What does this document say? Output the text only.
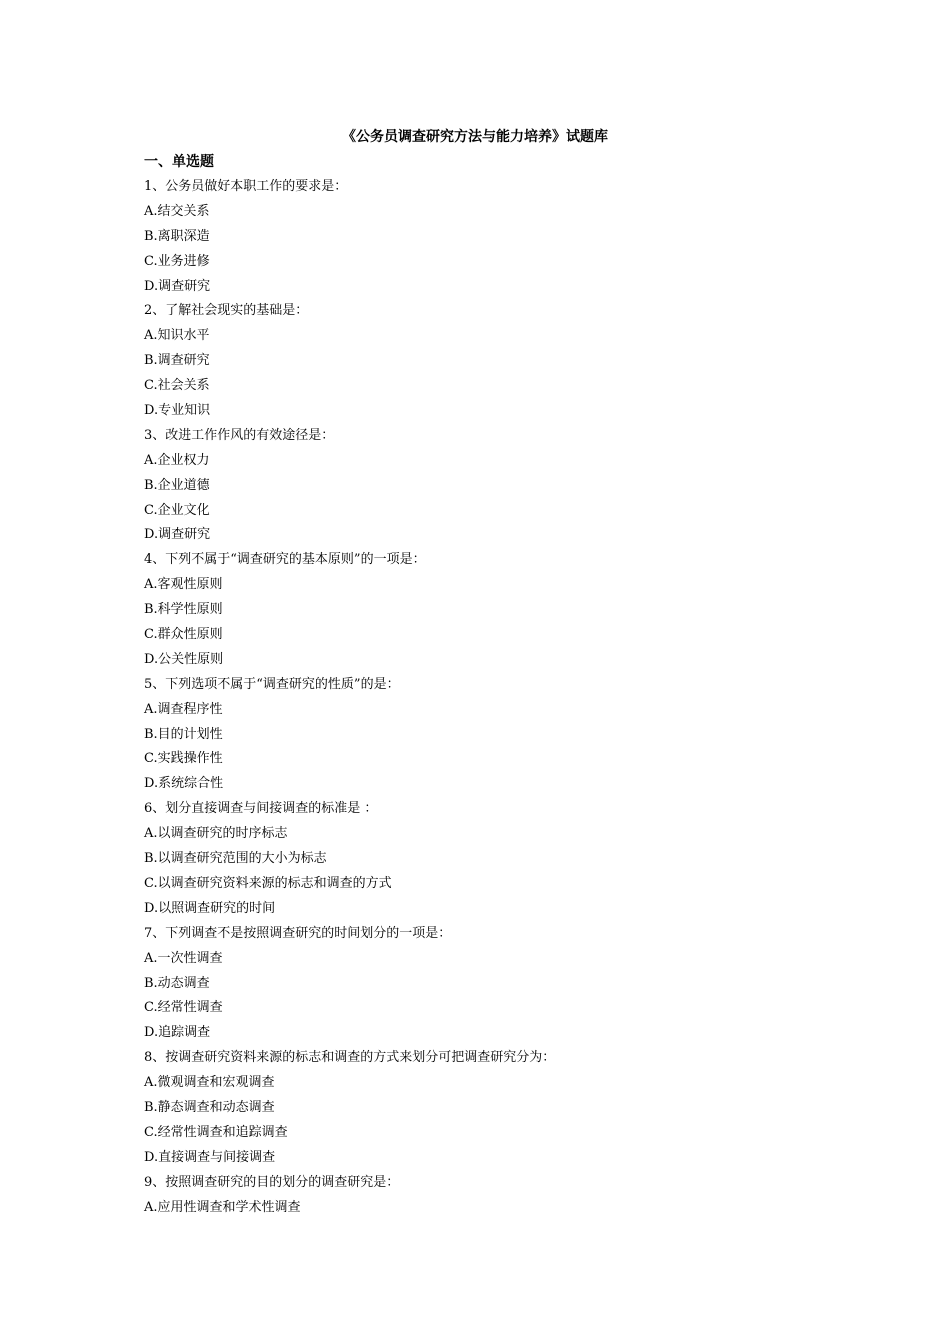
《公务员调查研究方法与能力培养》试题库
一、单选题
1、公务员做好本职工作的要求是：
A.结交关系
B.离职深造
C.业务进修
D.调查研究
2、了解社会现实的基础是：
A.知识水平
B.调查研究
C.社会关系
D.专业知识
3、改进工作作风的有效途径是：
A.企业权力
B.企业道德
C.企业文化
D.调查研究
4、下列不属于“调查研究的基本原则”的一项是：
A.客观性原则
B.科学性原则
C.群众性原则
D.公关性原则
5、下列选项不属于“调查研究的性质”的是：
A.调查程序性
B.目的计划性
C.实践操作性
D.系统综合性
6、划分直接调查与间接调查的标准是 ：
A.以调查研究的时序标志
B.以调查研究范围的大小为标志
C.以调查研究资料来源的标志和调查的方式
D.以照调查研究的时间
7、下列调查不是按照调查研究的时间划分的一项是：
A.一次性调查
B.动态调查
C.经常性调查
D.追踪调查
8、按调查研究资料来源的标志和调查的方式来划分可把调查研究分为：
A.微观调查和宏观调查
B.静态调查和动态调查
C.经常性调查和追踪调查
D.直接调查与间接调查
9、按照调查研究的目的划分的调查研究是：
A.应用性调查和学术性调查
